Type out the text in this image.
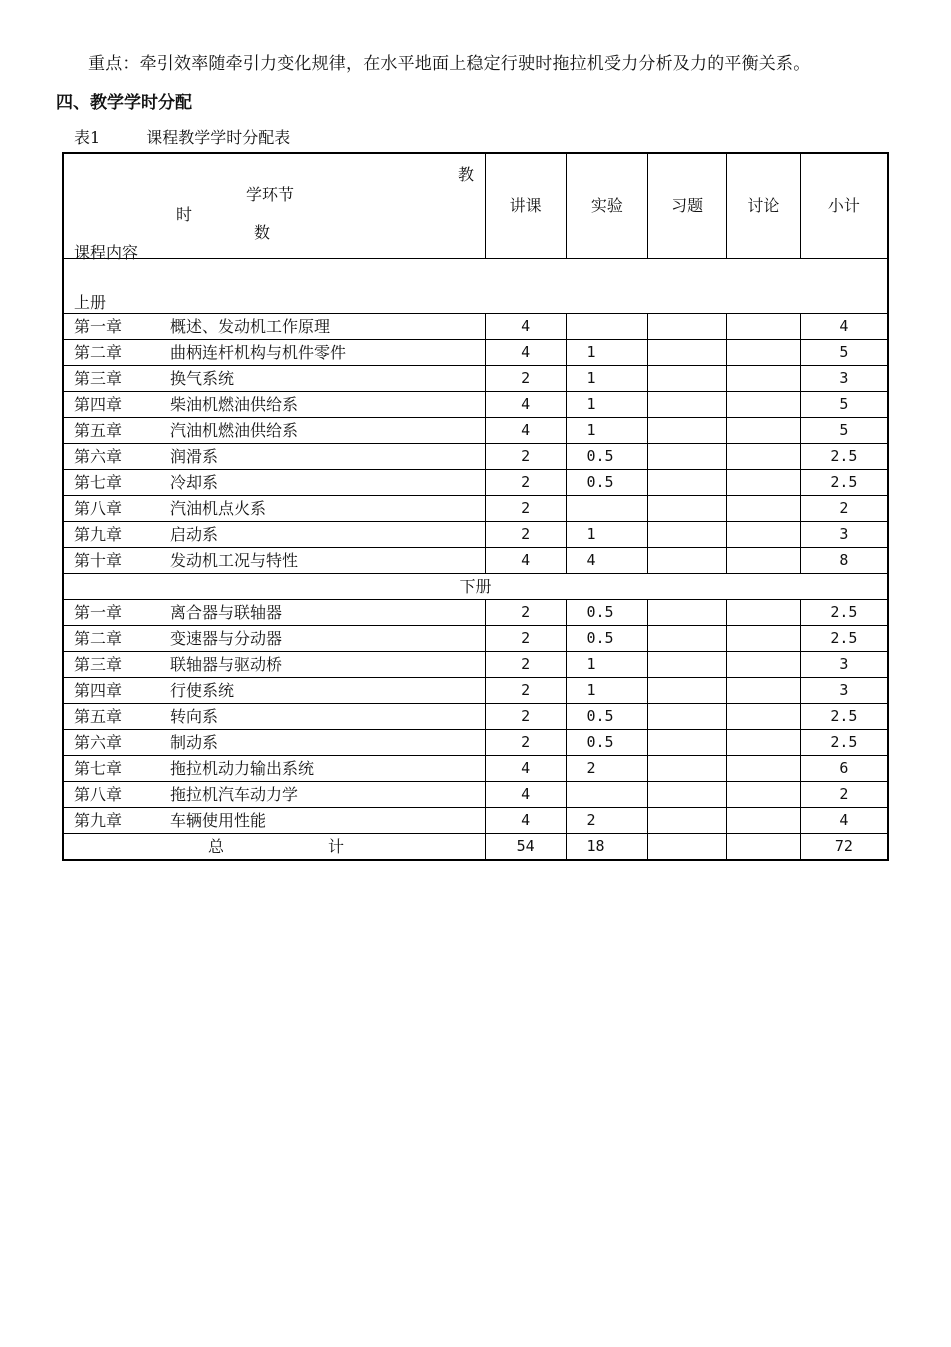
重点：牵引效率随牵引力变化规律，在水平地面上稳定行驶时拖拉机受力分析及力的平衡关系。
四、教学学时分配
表1	课程教学学时分配表
教
学环节
时
数
课程内容	讲课	实验	习题	讨论	小计
上册					
第一章 概述、发动机工作原理	4				4
第二章 曲柄连杆机构与机件零件	4	1			5
第三章 换气系统	2	1			3
第四章 柴油机燃油供给系	4	1			5
第五章 汽油机燃油供给系	4	1			5
第六章 润滑系	2	0.5			2.5
第七章 冷却系	2	0.5			2.5
第八章 汽油机点火系	2				2
第九章 启动系	2	1			3
第十章 发动机工况与特性	4	4			8
下册					
第一章 离合器与联轴器	2	0.5			2.5
第二章 变速器与分动器	2	0.5			2.5
第三章 联轴器与驱动桥	2	1			3
第四章 行使系统	2	1			3
第五章 转向系	2	0.5			2.5
第六章 制动系	2	0.5			2.5
第七章 拖拉机动力输出系统	4	2			6
第八章 拖拉机汽车动力学	4				2
第九章 车辆使用性能	4	2			4
总 计	54	18			72
